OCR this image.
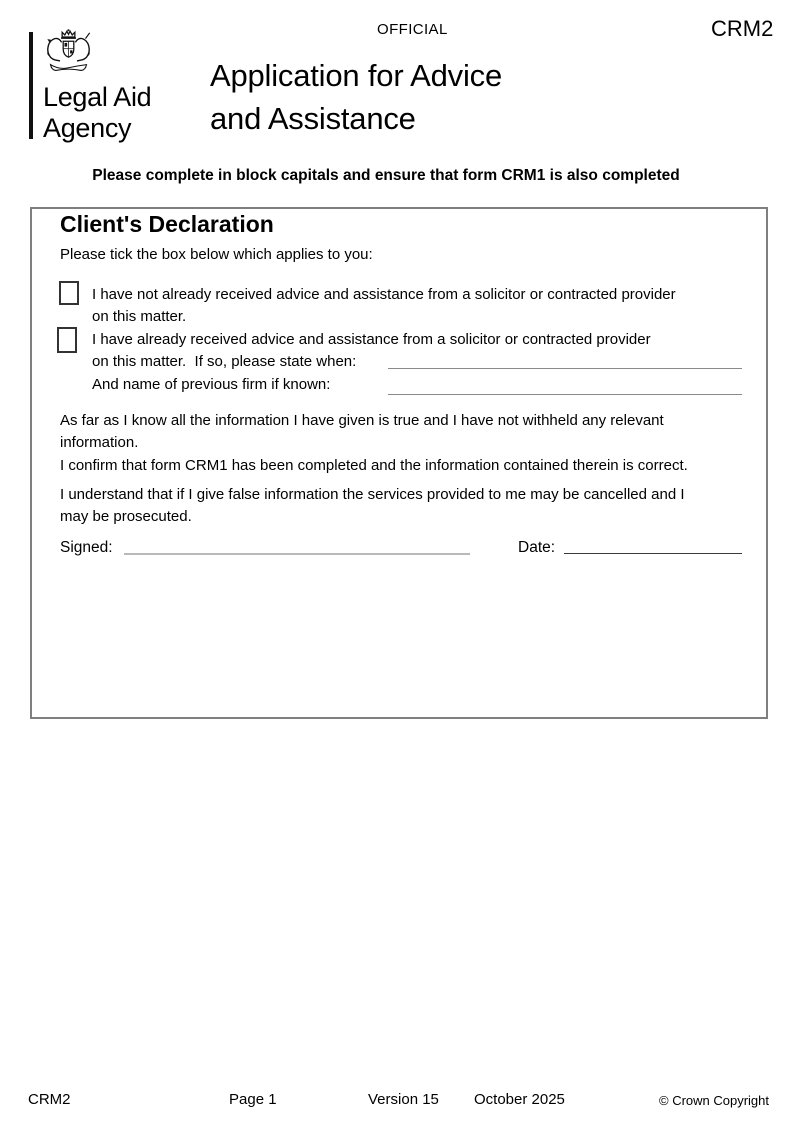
OFFICIAL	CRM2
Legal Aid
Agency
Application for Advice
and Assistance
Please complete in block capitals and ensure that form CRM1 is also completed
Client's Declaration
Please tick the box below which applies to you:
I have not already received advice and assistance from a solicitor or contracted provider
on this matter.
I have already received advice and assistance from a solicitor or contracted provider
on this matter.  If so, please state when:
And name of previous firm if known:
As far as I know all the information I have given is true and I have not withheld any relevant
information.
I confirm that form CRM1 has been completed and the information contained therein is correct.
I understand that if I give false information the services provided to me may be cancelled and I
may be prosecuted.
Signed:	Date:
CRM2	Page 1	Version 15 October 2025	© Crown Copyright
